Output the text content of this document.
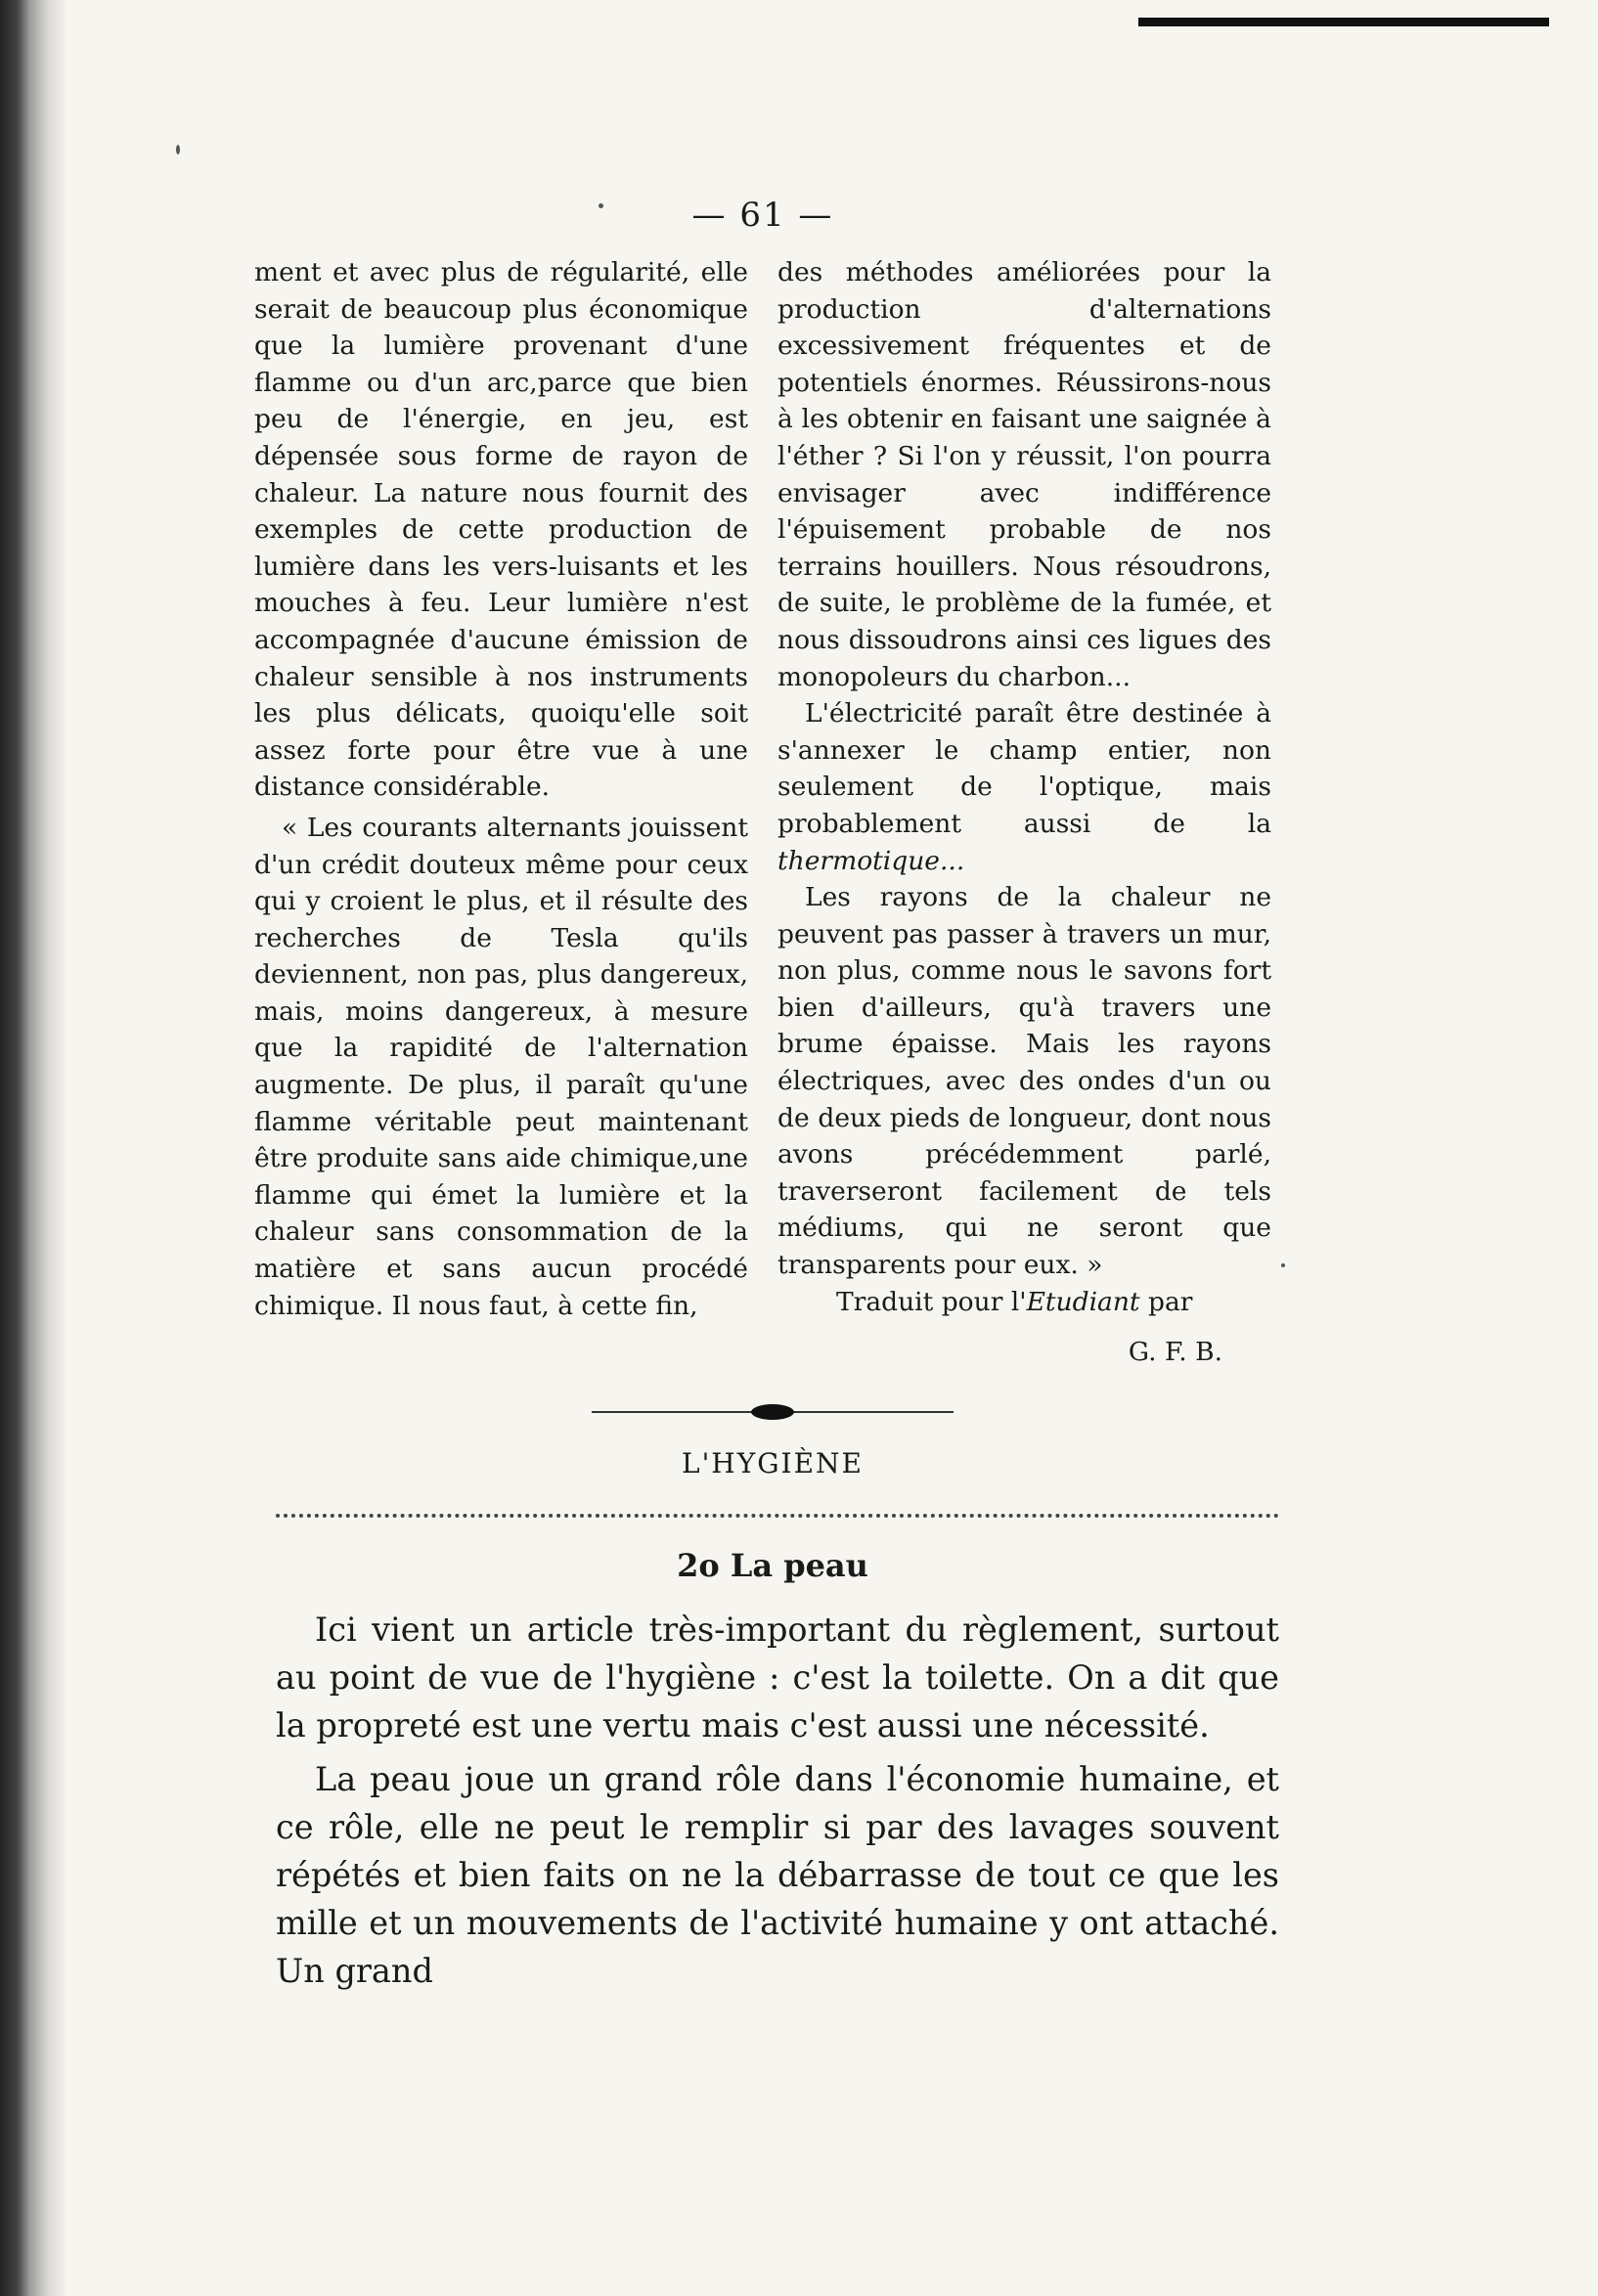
— 61 —

ment et avec plus de régularité, elle serait de beaucoup plus économique que la lumière provenant d'une flamme ou d'un arc,parce que bien peu de l'énergie, en jeu, est dépensée sous forme de rayon de chaleur. La nature nous fournit des exemples de cette production de lumière dans les vers-luisants et les mouches à feu. Leur lumière n'est accompagnée d'aucune émission de chaleur sensible à nos instruments les plus délicats, quoiqu'elle soit assez forte pour être vue à une distance considérable.

« Les courants alternants jouissent d'un crédit douteux même pour ceux qui y croient le plus, et il résulte des recherches de Tesla qu'ils deviennent, non pas, plus dangereux, mais, moins dangereux, à mesure que la rapidité de l'alternation augmente. De plus, il paraît qu'une flamme véritable peut maintenant être produite sans aide chimique,une flamme qui émet la lumière et la chaleur sans consommation de la matière et sans aucun procédé chimique. Il nous faut, à cette fin,

des méthodes améliorées pour la production d'alternations excessivement fréquentes et de potentiels énormes. Réussirons-nous à les obtenir en faisant une saignée à l'éther ? Si l'on y réussit, l'on pourra envisager avec indifférence l'épuisement probable de nos terrains houillers. Nous résoudrons, de suite, le problème de la fumée, et nous dissoudrons ainsi ces ligues des monopoleurs du charbon...

L'électricité paraît être destinée à s'annexer le champ entier, non seulement de l'optique, mais probablement aussi de la thermotique...

Les rayons de la chaleur ne peuvent pas passer à travers un mur, non plus, comme nous le savons fort bien d'ailleurs, qu'à travers une brume épaisse. Mais les rayons électriques, avec des ondes d'un ou de deux pieds de longueur, dont nous avons précédemment parlé, traverseront facilement de tels médiums, qui ne seront que transparents pour eux. »

Traduit pour l'Etudiant par

G. F. B.

L'HYGIÈNE
2o La peau

Ici vient un article très-important du règlement, surtout au point de vue de l'hygiène : c'est la toilette. On a dit que la propreté est une vertu mais c'est aussi une nécessité.

La peau joue un grand rôle dans l'économie humaine, et ce rôle, elle ne peut le remplir si par des lavages souvent répétés et bien faits on ne la débarrasse de tout ce que les mille et un mouvements de l'activité humaine y ont attaché. Un grand
